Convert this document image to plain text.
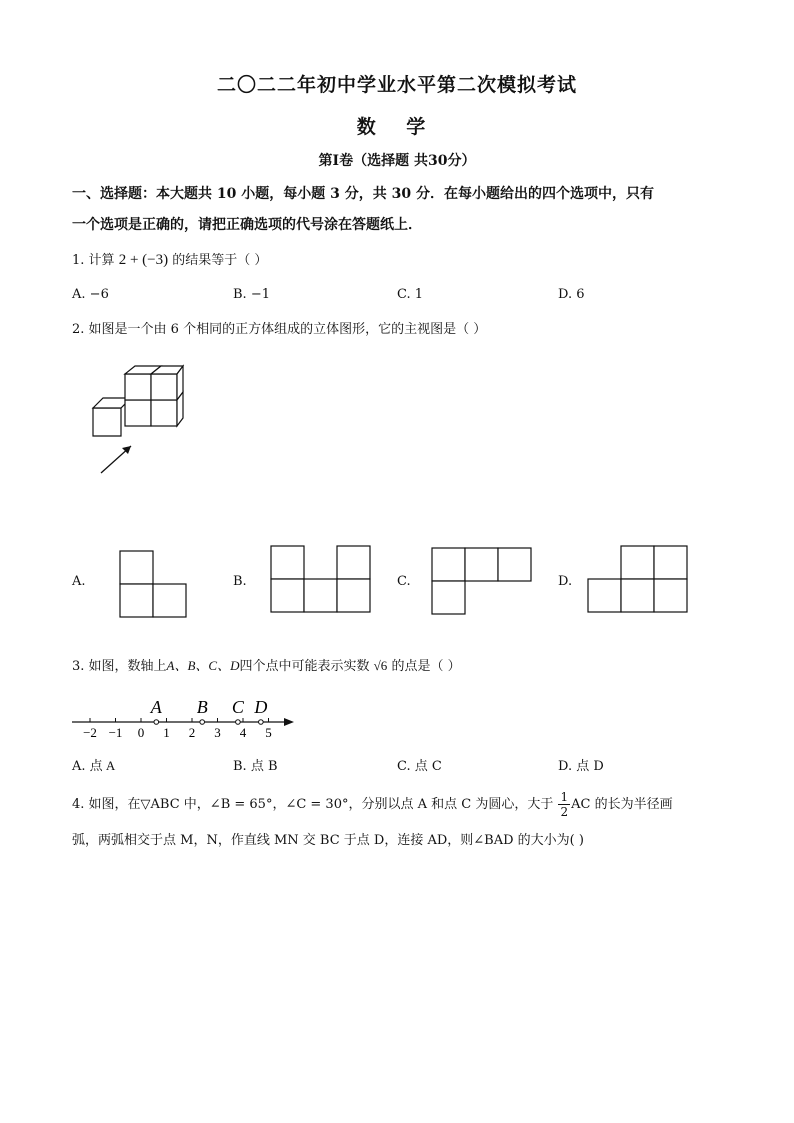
二〇二二年初中学业水平第二次模拟考试
数 学
第Ⅰ卷（选择题 共30分）
一、选择题：本大题共 10 小题，每小题 3 分，共 30 分．在每小题给出的四个选项中，只有
一个选项是正确的，请把正确选项的代号涂在答题纸上．
1. 计算 2 + (−3) 的结果等于（ ）
A. −6	B. −1	C. 1	D. 6
2. 如图是一个由 6 个相同的正方体组成的立体图形，它的主视图是（ ）
A.	B.	C.	D.
3. 如图，数轴上A、B、C、D四个点中可能表示实数 √6 的点是（ ）
−2 −1 0 1 2 3 4 5
A B C D
A. 点 A	B. 点 B	C. 点 C	D. 点 D
4. 如图，在▽ABC 中，∠B = 65°，∠C = 30°，分别以点 A 和点 C 为圆心，大于 $\frac{1}{2}$ AC 的长为半径画
弧，两弧相交于点 M，N，作直线 MN 交 BC 于点 D，连接 AD，则∠BAD 的大小为( )
